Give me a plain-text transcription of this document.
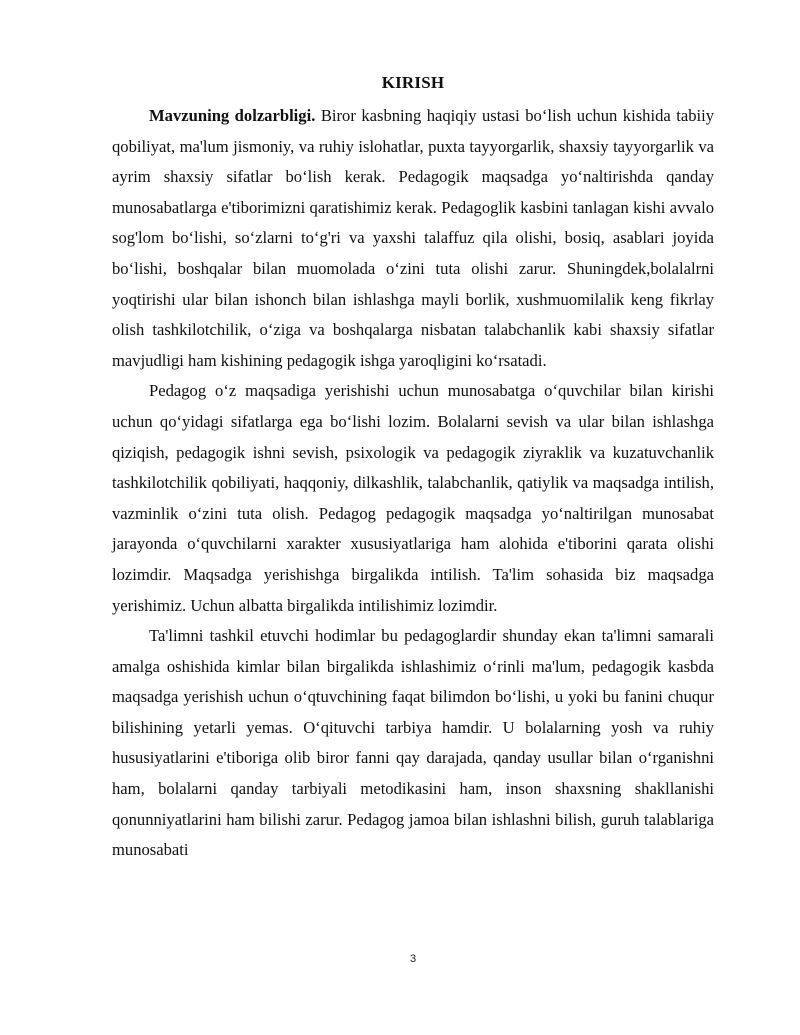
KIRISH

Mavzuning dolzarbligi. Biror kasbning haqiqiy ustasi bo‘lish uchun kishida tabiiy qobiliyat, ma'lum jismoniy, va ruhiy islohatlar, puxta tayyorgarlik, shaxsiy tayyorgarlik va ayrim shaxsiy sifatlar bo‘lish kerak. Pedagogik maqsadga yo‘naltirishda qanday munosabatlarga e'tiborimizni qaratishimiz kerak. Pedagoglik kasbini tanlagan kishi avvalo sog'lom bo‘lishi, so‘zlarni to‘g'ri va yaxshi talaffuz qila olishi, bosiq, asablari joyida bo‘lishi, boshqalar bilan muomolada o‘zini tuta olishi zarur. Shuningdek,bolalalrni yoqtirishi ular bilan ishonch bilan ishlashga mayli borlik, xushmuomilalik keng fikrlay olish tashkilotchilik, o‘ziga va boshqalarga nisbatan talabchanlik kabi shaxsiy sifatlar mavjudligi ham kishining pedagogik ishga yaroqligini ko‘rsatadi.

Pedagog o‘z maqsadiga yerishishi uchun munosabatga o‘quvchilar bilan kirishi uchun qo‘yidagi sifatlarga ega bo‘lishi lozim. Bolalarni sevish va ular bilan ishlashga qiziqish, pedagogik ishni sevish, psixologik va pedagogik ziyraklik va kuzatuvchanlik tashkilotchilik qobiliyati, haqqoniy, dilkashlik, talabchanlik, qatiylik va maqsadga intilish, vazminlik o‘zini tuta olish. Pedagog pedagogik maqsadga yo‘naltirilgan munosabat jarayonda o‘quvchilarni xarakter xususiyatlariga ham alohida e'tiborini qarata olishi lozimdir. Maqsadga yerishishga birgalikda intilish. Ta'lim sohasida biz maqsadga yerishimiz. Uchun albatta birgalikda intilishimiz lozimdir.

Ta'limni tashkil etuvchi hodimlar bu pedagoglardir shunday ekan ta'limni samarali amalga oshishida kimlar bilan birgalikda ishlashimiz o‘rinli ma'lum, pedagogik kasbda maqsadga yerishish uchun o‘qtuvchining faqat bilimdon bo‘lishi, u yoki bu fanini chuqur bilishining yetarli yemas. O‘qituvchi tarbiya hamdir. U bolalarning yosh va ruhiy hususiyatlarini e'tiboriga olib biror fanni qay darajada, qanday usullar bilan o‘rganishni ham, bolalarni qanday tarbiyali metodikasini ham, inson shaxsning shakllanishi qonunniyatlarini ham bilishi zarur. Pedagog jamoa bilan ishlashni bilish, guruh talablariga munosabati

3
